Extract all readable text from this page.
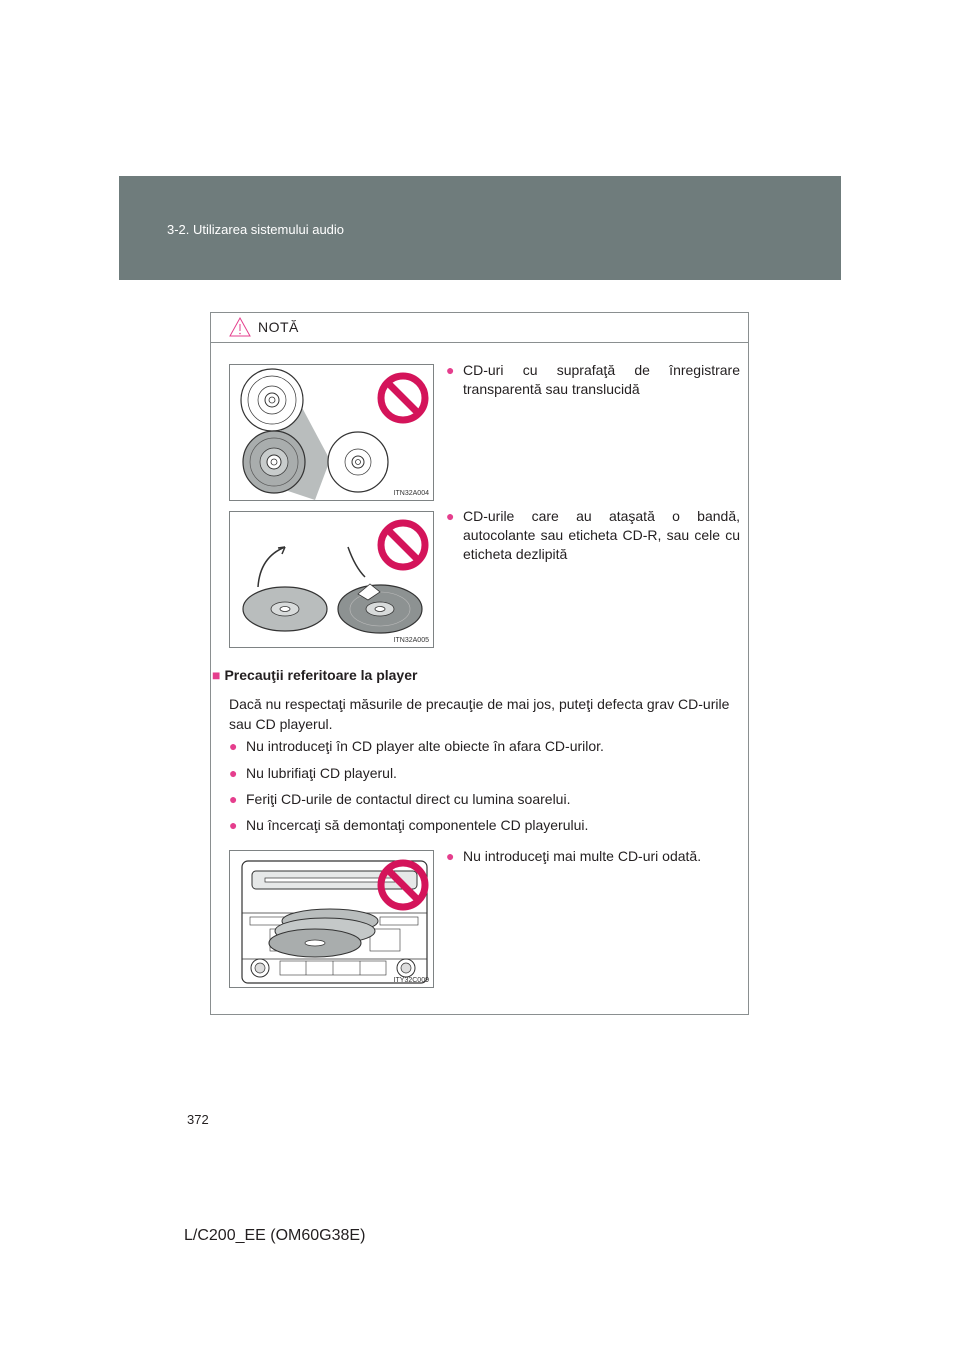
3-2. Utilizarea sistemului audio
NOTĂ
ITN32A004
● CD-uri cu suprafaţă de înregistrare transparentă sau translucidă
ITN32A005
● CD-urile care au ataşată o bandă, autocolante sau eticheta CD-R, sau cele cu eticheta dezlipită
■ Precauţii referitoare la player
Dacă nu respectaţi măsurile de precauţie de mai jos, puteţi defecta grav CD-urile sau CD playerul.
● Nu introduceţi în CD player alte obiecte în afara CD-urilor.
● Nu lubrifiaţi CD playerul.
● Feriţi CD-urile de contactul direct cu lumina soarelui.
● Nu încercaţi să demontaţi componentele CD playerului.
ITY32C009
● Nu introduceţi mai multe CD-uri odată.
372
L/C200_EE (OM60G38E)
